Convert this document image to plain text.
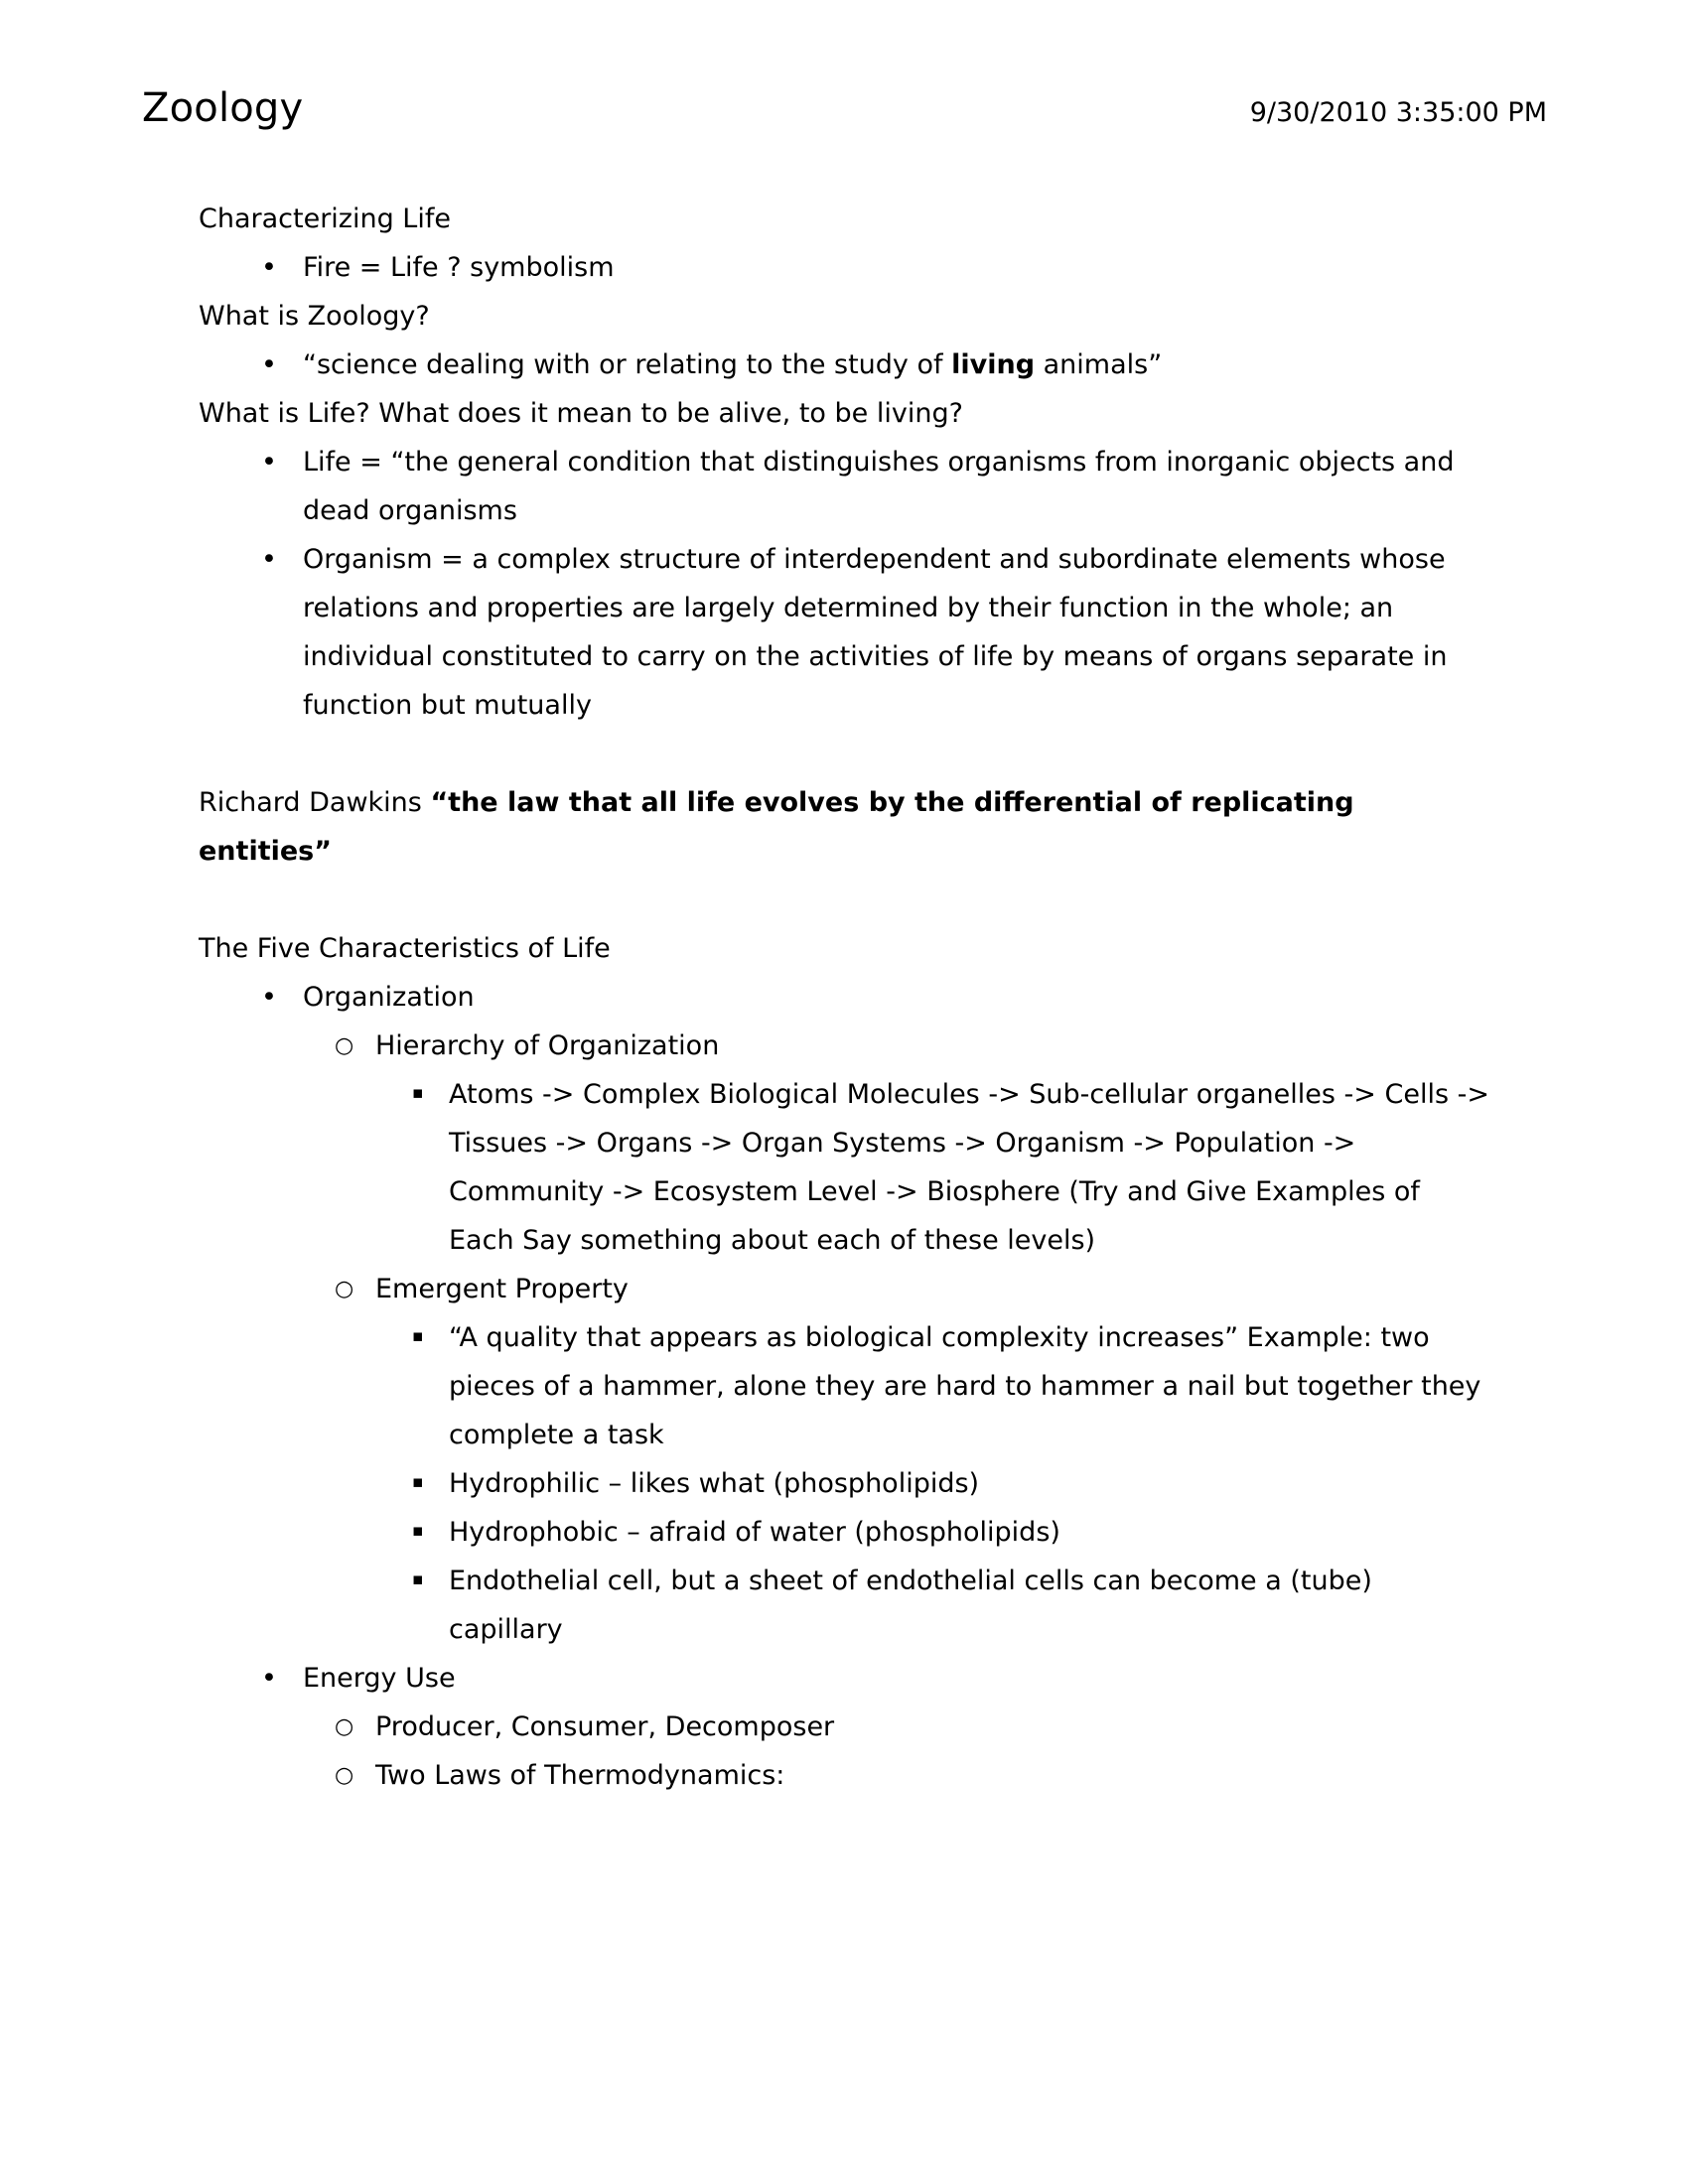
Zoology	9/30/2010 3:35:00 PM

Characterizing Life

• Fire = Life ? symbolism

What is Zoology?

• “science dealing with or relating to the study of living animals”

What is Life? What does it mean to be alive, to be living?

• Life = “the general condition that distinguishes organisms from inorganic objects and dead organisms
• Organism = a complex structure of interdependent and subordinate elements whose relations and properties are largely determined by their function in the whole; an individual constituted to carry on the activities of life by means of organs separate in function but mutually

Richard Dawkins “the law that all life evolves by the differential of replicating entities”

The Five Characteristics of Life

• Organization
○ Hierarchy of Organization
▪ Atoms -> Complex Biological Molecules -> Sub-cellular organelles -> Cells -> Tissues -> Organs -> Organ Systems -> Organism -> Population -> Community -> Ecosystem Level -> Biosphere (Try and Give Examples of Each Say something about each of these levels)
○ Emergent Property
▪ “A quality that appears as biological complexity increases” Example: two pieces of a hammer, alone they are hard to hammer a nail but together they complete a task
▪ Hydrophilic – likes what (phospholipids)
▪ Hydrophobic – afraid of water (phospholipids)
▪ Endothelial cell, but a sheet of endothelial cells can become a (tube) capillary
• Energy Use
○ Producer, Consumer, Decomposer
○ Two Laws of Thermodynamics:
